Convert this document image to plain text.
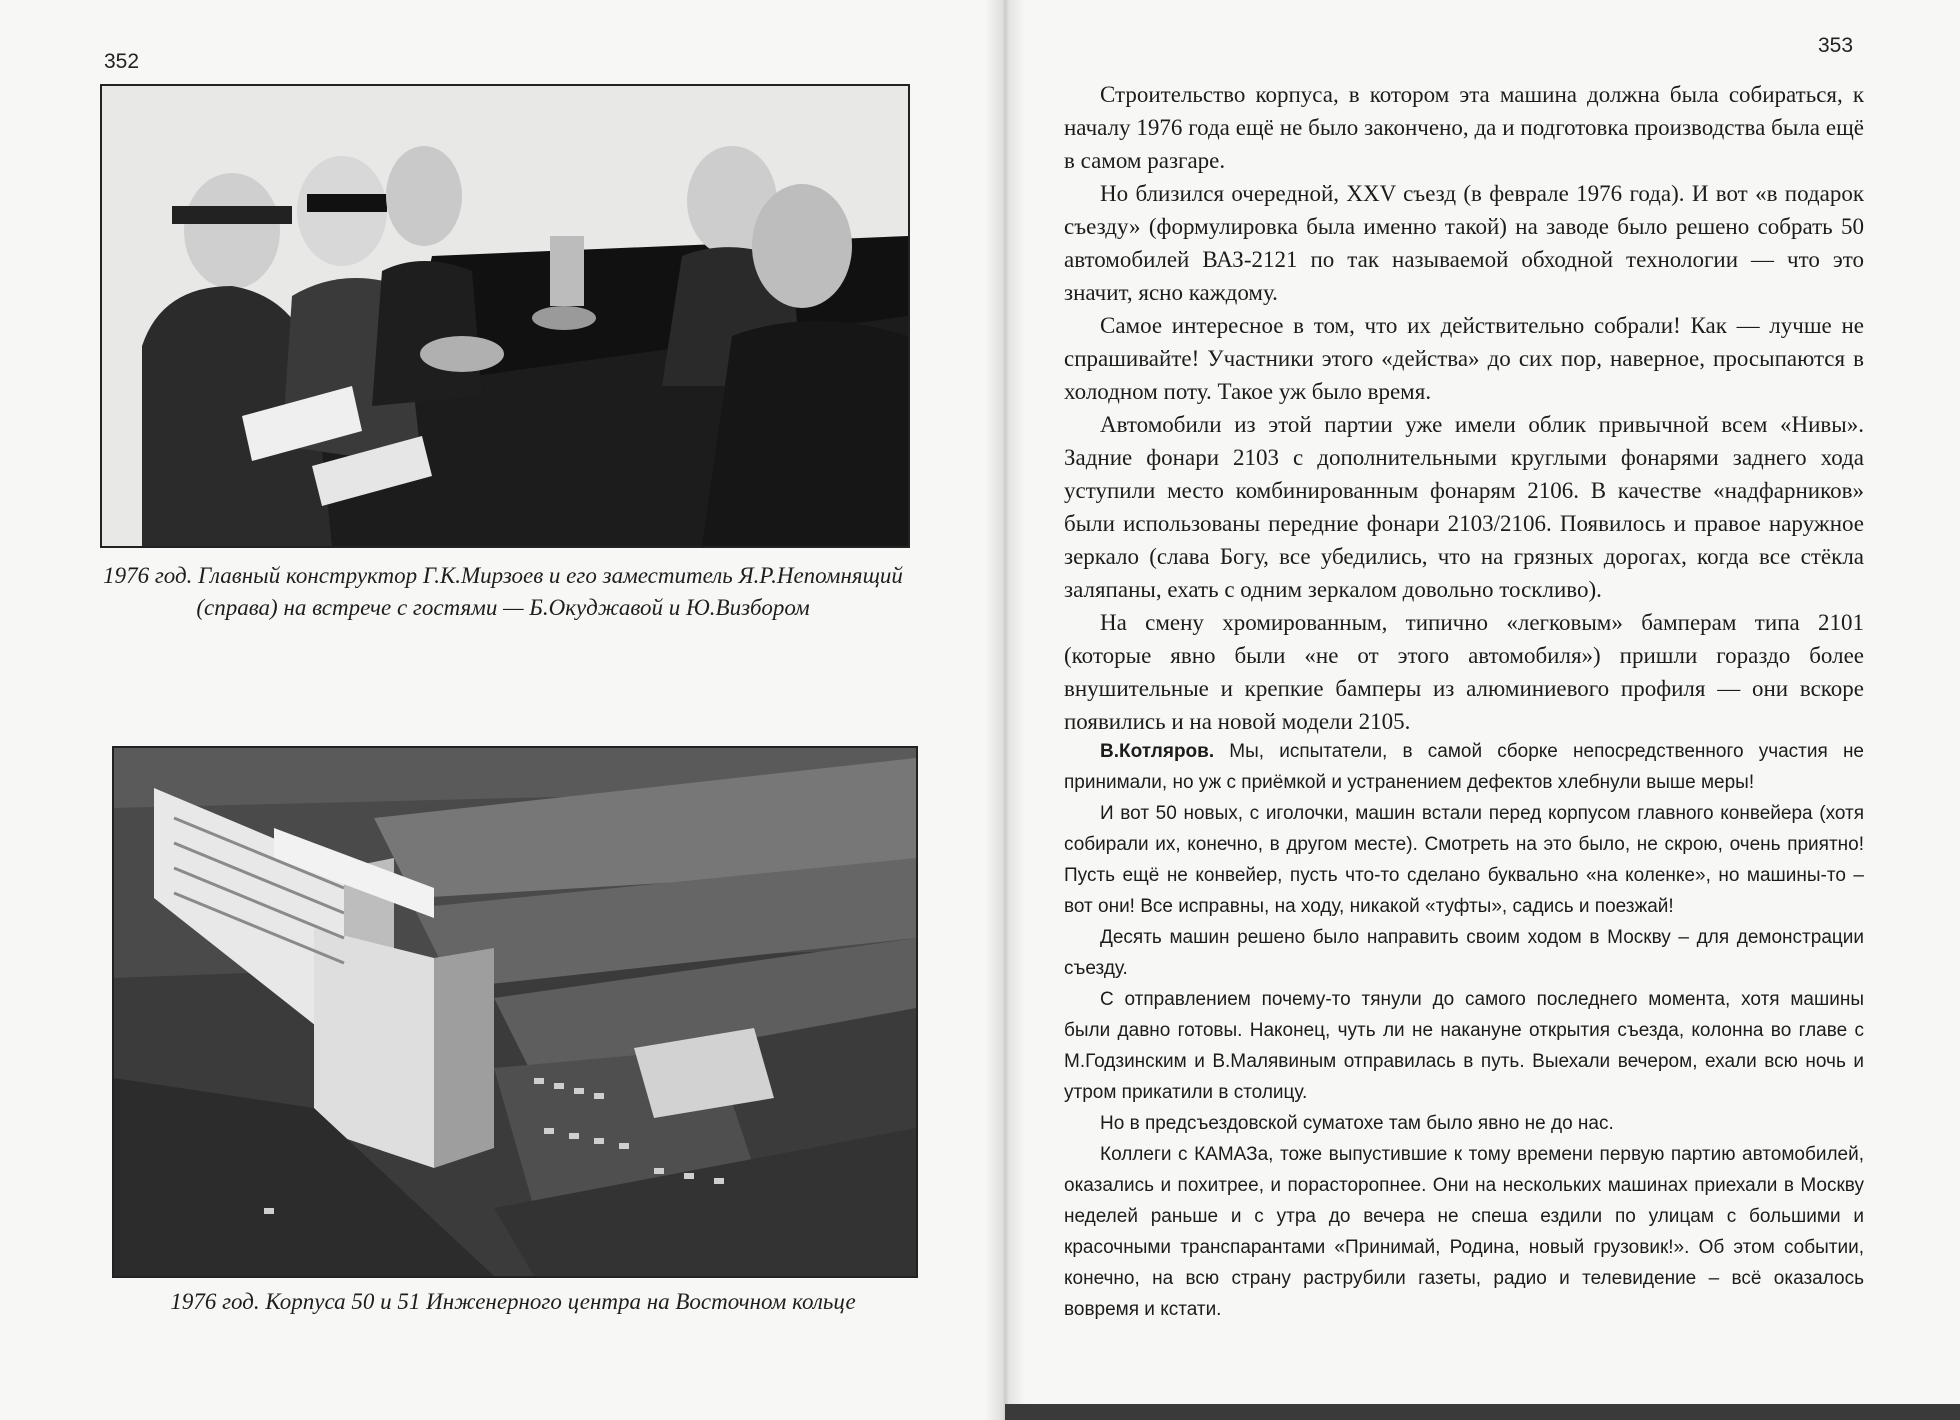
352
1976 год. Главный конструктор Г.К.Мирзоев и его заместитель Я.Р.Непомнящий (справа) на встрече с гостями — Б.Окуджавой и Ю.Визбором
1976 год. Корпуса 50 и 51 Инженерного центра на Восточном кольце
353

Строительство корпуса, в котором эта машина должна была собираться, к началу 1976 года ещё не было закончено, да и подготовка производства была ещё в самом разгаре.

Но близился очередной, XXV съезд (в феврале 1976 года). И вот «в подарок съезду» (формулировка была именно такой) на заводе было решено собрать 50 автомобилей ВАЗ-2121 по так называемой обходной технологии — что это значит, ясно каждому.

Самое интересное в том, что их действительно собрали! Как — лучше не спрашивайте! Участники этого «действа» до сих пор, наверное, просыпаются в холодном поту. Такое уж было время.

Автомобили из этой партии уже имели облик привычной всем «Нивы». Задние фонари 2103 с дополнительными круглыми фонарями заднего хода уступили место комбинированным фонарям 2106. В качестве «надфарников» были использованы передние фонари 2103/2106. Появилось и правое наружное зеркало (слава Богу, все убедились, что на грязных дорогах, когда все стёкла заляпаны, ехать с одним зеркалом довольно тоскливо).

На смену хромированным, типично «легковым» бамперам типа 2101 (которые явно были «не от этого автомобиля») пришли гораздо более внушительные и крепкие бамперы из алюминиевого профиля — они вскоре появились и на новой модели 2105.

В.Котляров. Мы, испытатели, в самой сборке непосредственного участия не принимали, но уж с приёмкой и устранением дефектов хлебнули выше меры!

И вот 50 новых, с иголочки, машин встали перед корпусом главного конвейера (хотя собирали их, конечно, в другом месте). Смотреть на это было, не скрою, очень приятно! Пусть ещё не конвейер, пусть что-то сделано буквально «на коленке», но машины-то – вот они! Все исправны, на ходу, никакой «туфты», садись и поезжай!

Десять машин решено было направить своим ходом в Москву – для демонстрации съезду.

С отправлением почему-то тянули до самого последнего момента, хотя машины были давно готовы. Наконец, чуть ли не накануне открытия съезда, колонна во главе с М.Годзинским и В.Малявиным отправилась в путь. Выехали вечером, ехали всю ночь и утром прикатили в столицу.

Но в предсъездовской суматохе там было явно не до нас.

Коллеги с КАМАЗа, тоже выпустившие к тому времени первую партию автомобилей, оказались и похитрее, и порасторопнее. Они на нескольких машинах приехали в Москву неделей раньше и с утра до вечера не спеша ездили по улицам с большими и красочными транспарантами «Принимай, Родина, новый грузовик!». Об этом событии, конечно, на всю страну раструбили газеты, радио и телевидение – всё оказалось вовремя и кстати.
